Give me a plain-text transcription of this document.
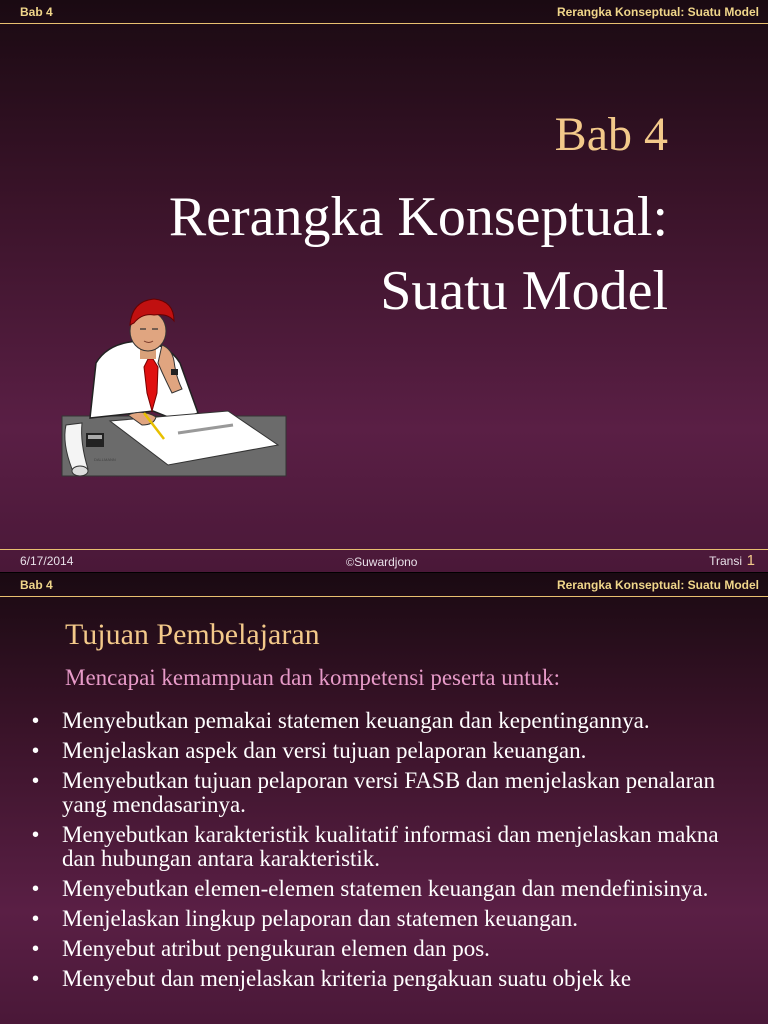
Bab 4	Rerangka Konseptual: Suatu Model
Bab 4
Rerangka Konseptual:
Suatu Model
DALLMANN
6/17/2014	©Suwardjono	Transi 1
Bab 4	Rerangka Konseptual: Suatu Model
Tujuan Pembelajaran
Mencapai kemampuan dan kompetensi peserta untuk:
• Menyebutkan pemakai statemen keuangan dan kepentingannya.
• Menjelaskan aspek dan versi tujuan pelaporan keuangan.
• Menyebutkan tujuan pelaporan versi FASB dan menjelaskan penalaran yang mendasarinya.
• Menyebutkan karakteristik kualitatif informasi dan menjelaskan makna dan hubungan antara karakteristik.
• Menyebutkan elemen-elemen statemen keuangan dan mendefinisinya.
• Menjelaskan lingkup pelaporan dan statemen keuangan.
• Menyebut atribut pengukuran elemen dan pos.
• Menyebut dan menjelaskan kriteria pengakuan suatu objek ke
